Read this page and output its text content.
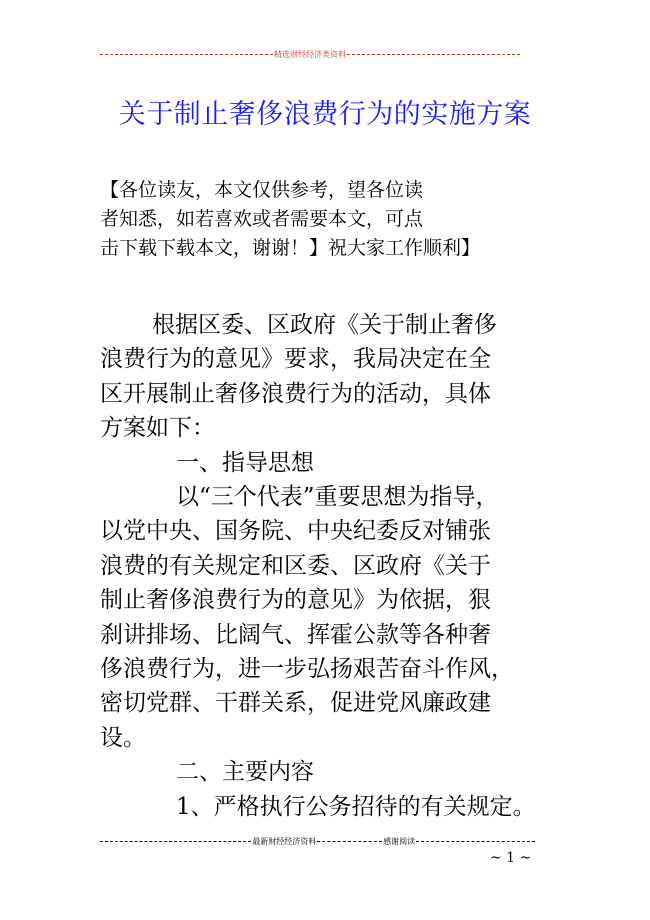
精选财经经济类资料
关于制止奢侈浪费行为的实施方案
【各位读友，本文仅供参考，望各位读
者知悉，如若喜欢或者需要本文，可点
击下载下载本文，谢谢！】祝大家工作顺利】
根据区委、区政府《关于制止奢侈
浪费行为的意见》要求，我局决定在全
区开展制止奢侈浪费行为的活动，具体
方案如下：
一、指导思想
以“三个代表”重要思想为指导，
以党中央、国务院、中央纪委反对铺张
浪费的有关规定和区委、区政府《关于
制止奢侈浪费行为的意见》为依据，狠
刹讲排场、比阔气、挥霍公款等各种奢
侈浪费行为，进一步弘扬艰苦奋斗作风，
密切党群、干群关系，促进党风廉政建
设。
二、主要内容
1、严格执行公务招待的有关规定。
最新财经经济资料	感谢阅读
~ 1 ~
